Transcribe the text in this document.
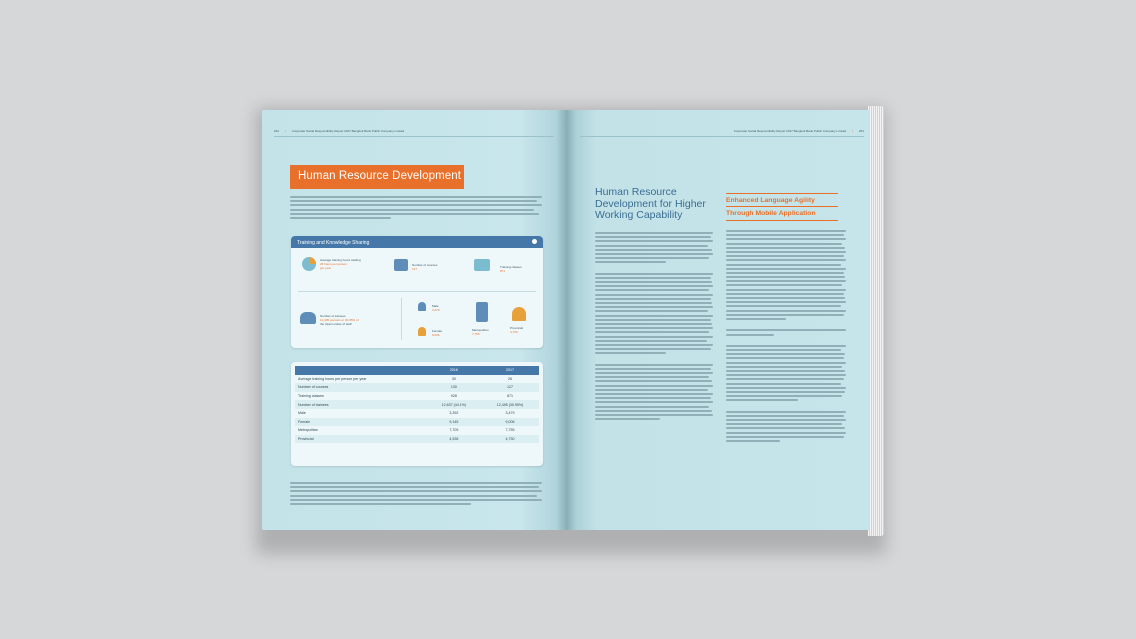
242 | Corporate Social Responsibility Report 2017 Bangkok Bank Public Company Limited	Corporate Social Responsibility Report 2017 Bangkok Bank Public Company Limited | 251
Human Resource Development
Training and Knowledge Sharing
Average training hours totaling
26 hours per person
per year
Number of courses
127	Training classes
871
Number of trainees
12,495 persons or 30.95% of
the total number of staff
Male
3,479
Female
9,006
Metropolitan
7,755
Provincial
4,730
	2016	2017
Average training hours per person per year	30	26
Number of courses	130	127
Training classes	928	871
Number of trainees	12,637 (44.1%)	12,495 (30.95%)
Male	3,392	3,479
Female	9,145	9,006
Metropolitan	7,709	7,755
Provincial	4,928	4,730
Human Resource Development for Higher Working Capability
Enhanced Language Agility
Through Mobile Application
